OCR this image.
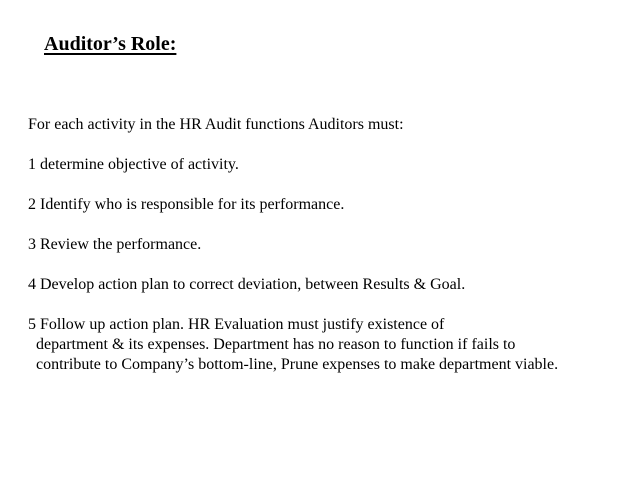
Auditor’s Role:
For each activity in the HR Audit functions Auditors must:
1 determine objective of activity.
2 Identify who is responsible for its performance.
3 Review the performance.
4 Develop action plan to correct deviation, between Results & Goal.
5 Follow up action plan. HR Evaluation must justify existence of
department & its expenses. Department has no reason to function if fails to
contribute to Company’s bottom-line, Prune expenses to make department viable.
